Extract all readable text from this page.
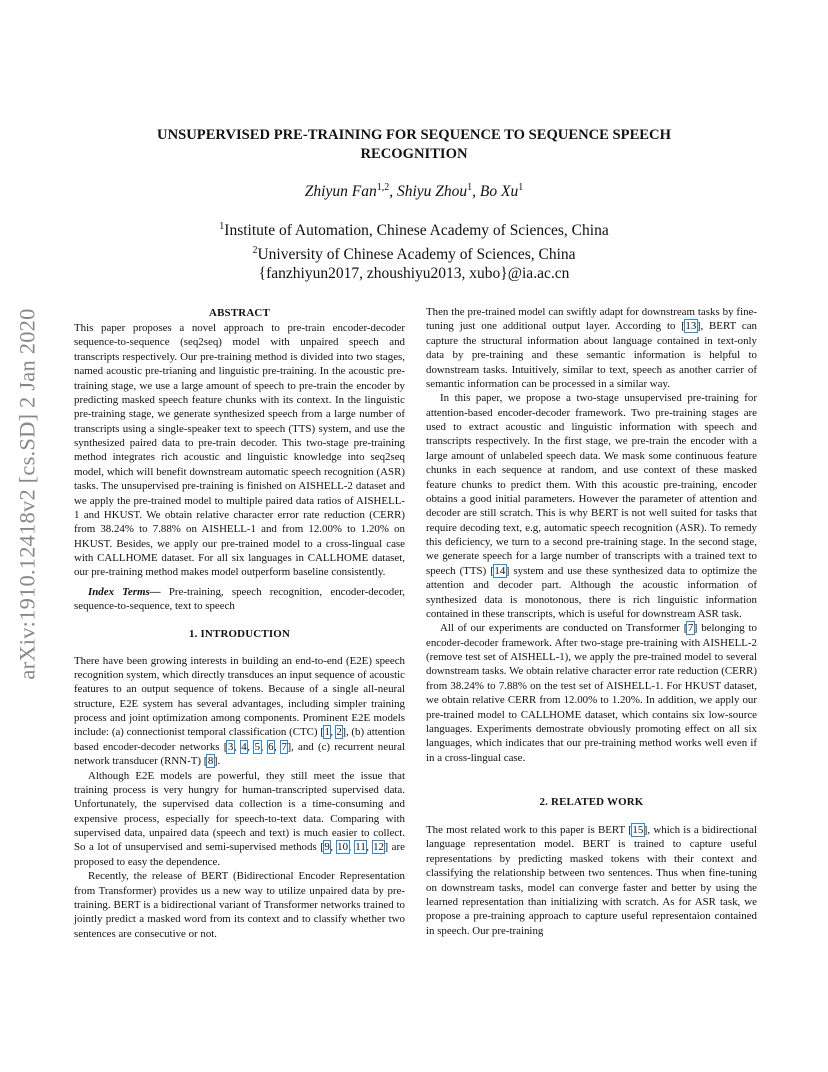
arXiv:1910.12418v2 [cs.SD] 2 Jan 2020
UNSUPERVISED PRE-TRAINING FOR SEQUENCE TO SEQUENCE SPEECH
RECOGNITION
Zhiyun Fan$^{1,2}$, Shiyu Zhou$^1$, Bo Xu$^1$
$^1$Institute of Automation, Chinese Academy of Sciences, China
$^2$University of Chinese Academy of Sciences, China
{fanzhiyun2017, zhoushiyu2013, xubo}@ia.ac.cn
ABSTRACT

This paper proposes a novel approach to pre-train encoder-decoder sequence-to-sequence (seq2seq) model with unpaired speech and transcripts respectively. Our pre-training method is divided into two stages, named acoustic pre-trianing and linguistic pre-training. In the acoustic pre-training stage, we use a large amount of speech to pre-train the encoder by predicting masked speech feature chunks with its context. In the linguistic pre-training stage, we generate synthesized speech from a large number of transcripts using a single-speaker text to speech (TTS) system, and use the synthesized paired data to pre-train decoder. This two-stage pre-training method integrates rich acoustic and linguistic knowledge into seq2seq model, which will benefit downstream automatic speech recognition (ASR) tasks. The unsupervised pre-training is finished on AISHELL-2 dataset and we apply the pre-trained model to multiple paired data ratios of AISHELL-1 and HKUST. We obtain relative character error rate reduction (CERR) from 38.24% to 7.88% on AISHELL-1 and from 12.00% to 1.20% on HKUST. Besides, we apply our pre-trained model to a cross-lingual case with CALLHOME dataset. For all six languages in CALLHOME dataset, our pre-training method makes model outperform baseline consistently.

Index Terms— Pre-training, speech recognition, encoder-decoder, sequence-to-sequence, text to speech

1. INTRODUCTION

There have been growing interests in building an end-to-end (E2E) speech recognition system, which directly transduces an input sequence of acoustic features to an output sequence of tokens. Because of a single all-neural structure, E2E system has several advantages, including simpler training process and joint optimization among components. Prominent E2E models include: (a) connectionist temporal classification (CTC) [1, 2], (b) attention based encoder-decoder networks [3, 4, 5, 6, 7], and (c) recurrent neural network transducer (RNN-T) [8].

Although E2E models are powerful, they still meet the issue that training process is very hungry for human-transcripted supervised data. Unfortunately, the supervised data collection is a time-consuming and expensive process, especially for speech-to-text data. Comparing with supervised data, unpaired data (speech and text) is much easier to collect. So a lot of unsupervised and semi-supervised methods [9, 10, 11, 12] are proposed to easy the dependence.

Recently, the release of BERT (Bidirectional Encoder Representation from Transformer) provides us a new way to utilize unpaired data by pre-training. BERT is a bidirectional variant of Transformer networks trained to jointly predict a masked word from its context and to classify whether two sentences are consecutive or not.

Then the pre-trained model can swiftly adapt for downstream tasks by fine-tuning just one additional output layer. According to [13], BERT can capture the structural information about language contained in text-only data by pre-training and these semantic information is helpful to downstream tasks. Intuitively, similar to text, speech as another carrier of semantic information can be processed in a similar way.

In this paper, we propose a two-stage unsupervised pre-training for attention-based encoder-decoder framework. Two pre-training stages are used to extract acoustic and linguistic information with speech and transcripts respectively. In the first stage, we pre-train the encoder with a large amount of unlabeled speech data. We mask some continuous feature chunks in each sequence at random, and use context of these masked feature chunks to predict them. With this acoustic pre-training, encoder obtains a good initial parameters. However the parameter of attention and decoder are still scratch. This is why BERT is not well suited for tasks that require decoding text, e.g, automatic speech recognition (ASR). To remedy this deficiency, we turn to a second pre-training stage. In the second stage, we generate speech for a large number of transcripts with a trained text to speech (TTS) [14] system and use these synthesized data to optimize the attention and decoder part. Although the acoustic information of synthesized data is monotonous, there is rich linguistic information contained in these transcripts, which is useful for downstream ASR task.

All of our experiments are conducted on Transformer [7] belonging to encoder-decoder framework. After two-stage pre-training with AISHELL-2 (remove test set of AISHELL-1), we apply the pre-trained model to several downstream tasks. We obtain relative character error rate reduction (CERR) from 38.24% to 7.88% on the test set of AISHELL-1. For HKUST dataset, we obtain relative CERR from 12.00% to 1.20%. In addition, we apply our pre-trained model to CALLHOME dataset, which contains six low-source languages. Experiments demostrate obviously promoting effect on all six languages, which indicates that our pre-training method works well even if in a cross-lingual case.

2. RELATED WORK

The most related work to this paper is BERT [15], which is a bidirectional language representation model. BERT is trained to capture useful representations by predicting masked tokens with their context and classifying the relationship between two sentences. Thus when fine-tuning on downstream tasks, model can converge faster and better by using the learned representation than initializing with scratch. As for ASR task, we propose a pre-training approach to capture useful representaion contained in speech. Our pre-training
